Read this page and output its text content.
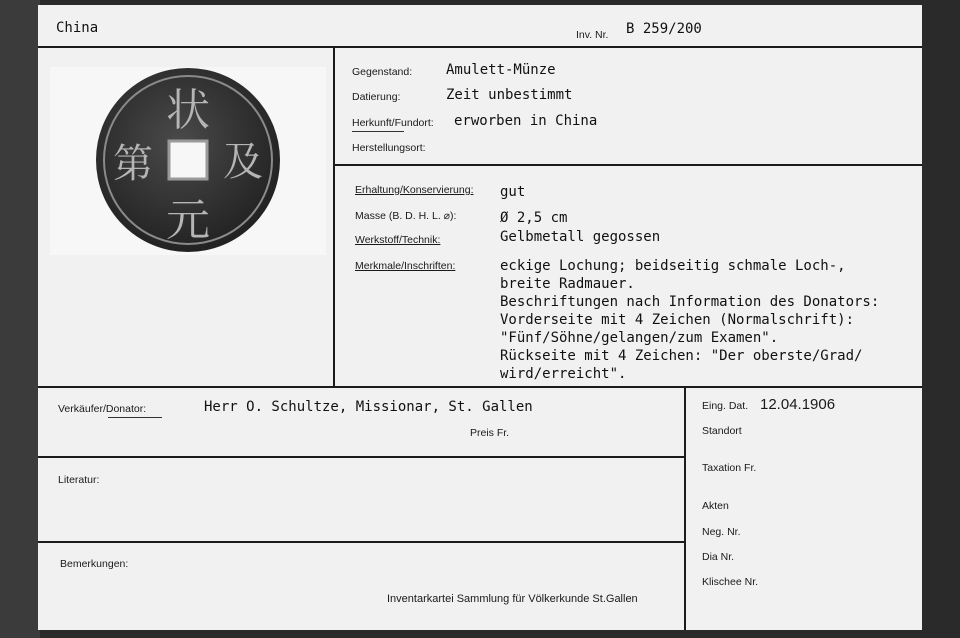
China	Inv. Nr. B 259/200
状
元
及
第
Gegenstand: Amulett-Münze
Datierung:	Zeit unbestimmt
Herkunft/Fundort: erworben in China
Herstellungsort:
Erhaltung/Konservierung: gut
Masse (B. D. H. L. ⌀):	Ø 2,5 cm
Werkstoff/Technik:	Gelbmetall gegossen
Merkmale/Inschriften:	eckige Lochung; beidseitig schmale Loch-,
breite Radmauer.
Beschriftungen nach Information des Donators:
Vorderseite mit 4 Zeichen (Normalschrift):
"Fünf/Söhne/gelangen/zum Examen".
Rückseite mit 4 Zeichen: "Der oberste/Grad/
wird/erreicht".
Verkäufer/Donator:	Herr O. Schultze, Missionar, St. Gallen
Preis Fr.
Literatur:
Bemerkungen:
Inventarkartei Sammlung für Völkerkunde St.Gallen
Eing. Dat. 12.04.1906
Standort
Taxation Fr.
Akten
Neg. Nr.
Dia Nr.
Klischee Nr.
